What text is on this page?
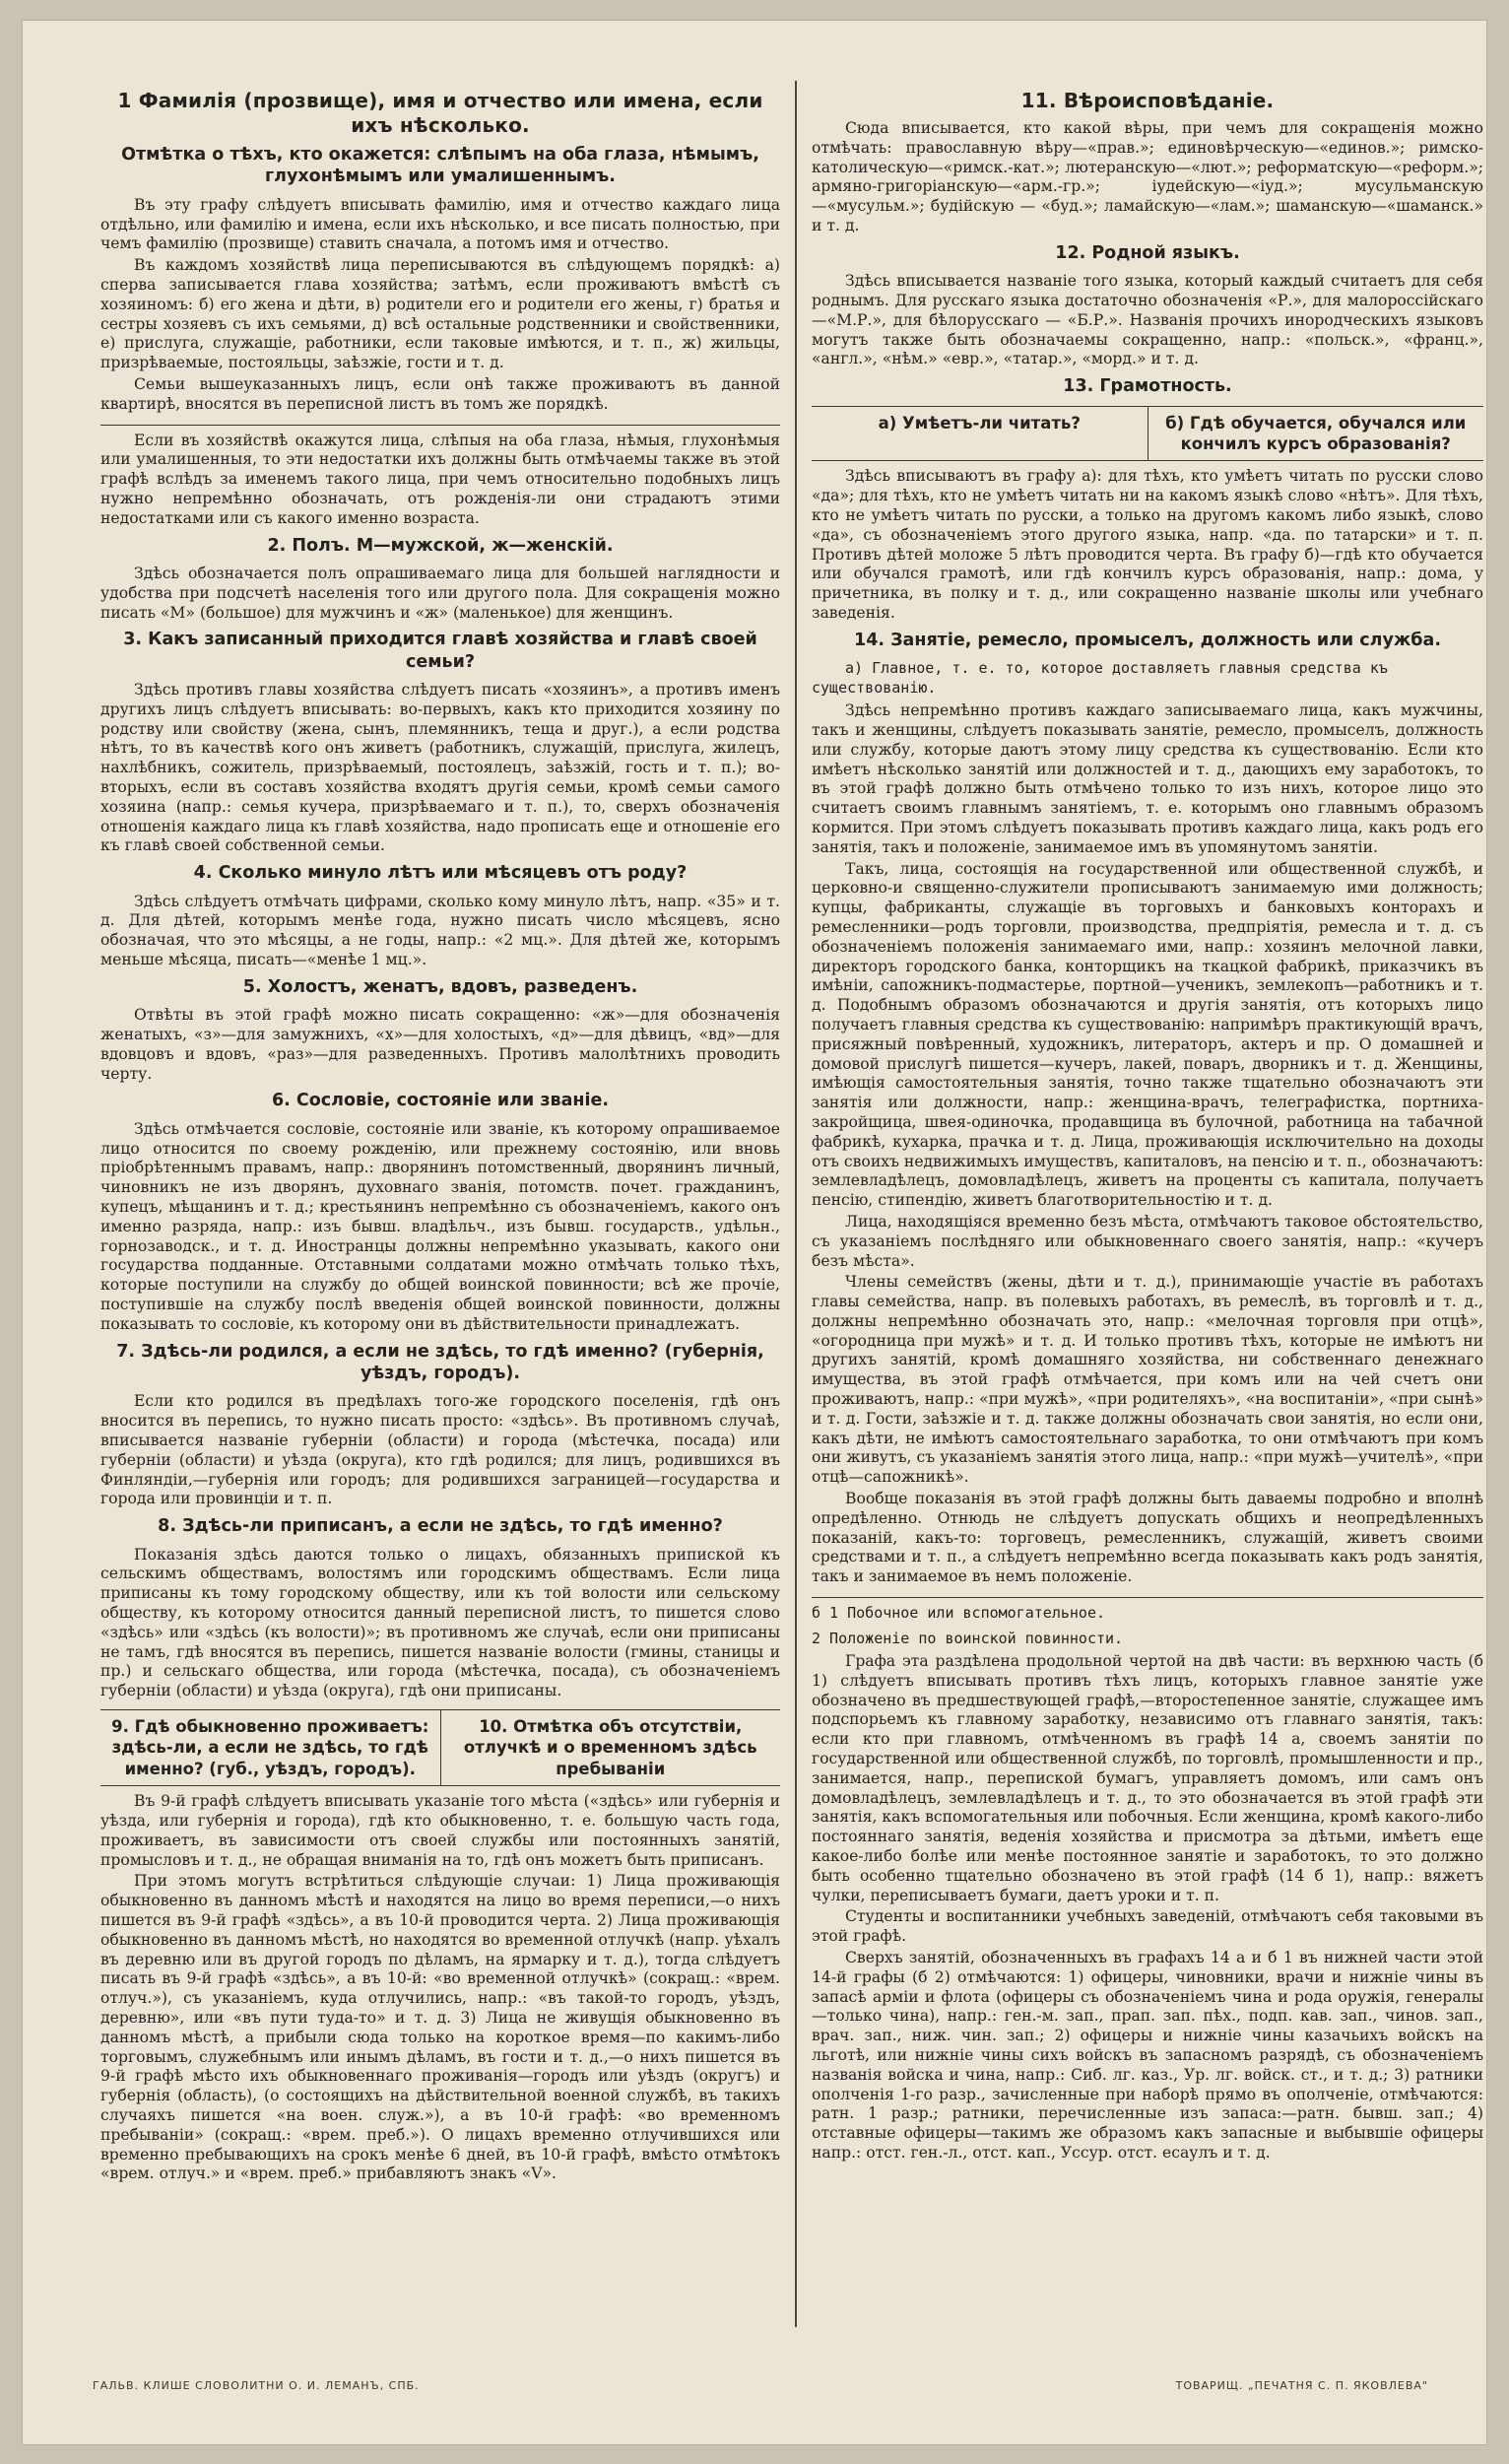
1 Фамилія (прозвище), имя и отчество или имена, если ихъ нѣсколько.
Отмѣтка о тѣхъ, кто окажется: слѣпымъ на оба глаза, нѣмымъ, глухонѣмымъ или умалишеннымъ.

Въ эту графу слѣдуетъ вписывать фамилію, имя и отчество каждаго лица отдѣльно, или фамилію и имена, если ихъ нѣсколько, и все писать полностью, при чемъ фамилію (прозвище) ставить сначала, а потомъ имя и отчество.

Въ каждомъ хозяйствѣ лица переписываются въ слѣдующемъ порядкѣ: а) сперва записывается глава хозяйства; затѣмъ, если проживаютъ вмѣстѣ съ хозяиномъ: б) его жена и дѣти, в) родители его и родители его жены, г) братья и сестры хозяевъ съ ихъ семьями, д) всѣ остальные родственники и свойственники, е) прислуга, служащіе, работники, если таковые имѣются, и т. п., ж) жильцы, призрѣваемые, постояльцы, заѣзжіе, гости и т. д.

Семьи вышеуказанныхъ лицъ, если онѣ также проживаютъ въ данной квартирѣ, вносятся въ переписной листъ въ томъ же порядкѣ.

Если въ хозяйствѣ окажутся лица, слѣпыя на оба глаза, нѣмыя, глухонѣмыя или умалишенныя, то эти недостатки ихъ должны быть отмѣчаемы также въ этой графѣ вслѣдъ за именемъ такого лица, при чемъ относительно подобныхъ лицъ нужно непремѣнно обозначать, отъ рожденія-ли они страдаютъ этими недостатками или съ какого именно возраста.

2. Полъ. М—мужской, ж—женскій.

Здѣсь обозначается полъ опрашиваемаго лица для большей наглядности и удобства при подсчетѣ населенія того или другого пола. Для сокращенія можно писать «М» (большое) для мужчинъ и «ж» (маленькое) для женщинъ.

3. Какъ записанный приходится главѣ хозяйства и главѣ своей семьи?

Здѣсь противъ главы хозяйства слѣдуетъ писать «хозяинъ», а противъ именъ другихъ лицъ слѣдуетъ вписывать: во-первыхъ, какъ кто приходится хозяину по родству или свойству (жена, сынъ, племянникъ, теща и друг.), а если родства нѣтъ, то въ качествѣ кого онъ живетъ (работникъ, служащій, прислуга, жилецъ, нахлѣбникъ, сожитель, призрѣваемый, постоялецъ, заѣзжій, гость и т. п.); во-вторыхъ, если въ составъ хозяйства входятъ другія семьи, кромѣ семьи самого хозяина (напр.: семья кучера, призрѣваемаго и т. п.), то, сверхъ обозначенія отношенія каждаго лица къ главѣ хозяйства, надо прописать еще и отношеніе его къ главѣ своей собственной семьи.

4. Сколько минуло лѣтъ или мѣсяцевъ отъ роду?

Здѣсь слѣдуетъ отмѣчать цифрами, сколько кому минуло лѣтъ, напр. «35» и т. д. Для дѣтей, которымъ менѣе года, нужно писать число мѣсяцевъ, ясно обозначая, что это мѣсяцы, а не годы, напр.: «2 мц.». Для дѣтей же, которымъ меньше мѣсяца, писать—«менѣе 1 мц.».

5. Холостъ, женатъ, вдовъ, разведенъ.

Отвѣты въ этой графѣ можно писать сокращенно: «ж»—для обозначенія женатыхъ, «з»—для замужнихъ, «х»—для холостыхъ, «д»—для дѣвицъ, «вд»—для вдовцовъ и вдовъ, «раз»—для разведенныхъ. Противъ малолѣтнихъ проводить черту.

6. Сословіе, состояніе или званіе.

Здѣсь отмѣчается сословіе, состояніе или званіе, къ которому опрашиваемое лицо относится по своему рожденію, или прежнему состоянію, или вновь пріобрѣтеннымъ правамъ, напр.: дворянинъ потомственный, дворянинъ личный, чиновникъ не изъ дворянъ, духовнаго званія, потомств. почет. гражданинъ, купецъ, мѣщанинъ и т. д.; крестьянинъ непремѣнно съ обозначеніемъ, какого онъ именно разряда, напр.: изъ бывш. владѣльч., изъ бывш. государств., удѣльн., горнозаводск., и т. д. Иностранцы должны непремѣнно указывать, какого они государства подданные. Отставными солдатами можно отмѣчать только тѣхъ, которые поступили на службу до общей воинской повинности; всѣ же прочіе, поступившіе на службу послѣ введенія общей воинской повинности, должны показывать то сословіе, къ которому они въ дѣйствительности принадлежатъ.

7. Здѣсь-ли родился, а если не здѣсь, то гдѣ именно? (губернія, уѣздъ, городъ).

Если кто родился въ предѣлахъ того-же городского поселенія, гдѣ онъ вносится въ перепись, то нужно писать просто: «здѣсь». Въ противномъ случаѣ, вписывается названіе губерніи (области) и города (мѣстечка, посада) или губерніи (области) и уѣзда (округа), кто гдѣ родился; для лицъ, родившихся въ Финляндіи,—губернія или городъ; для родившихся заграницей—государства и города или провинціи и т. п.

8. Здѣсь-ли приписанъ, а если не здѣсь, то гдѣ именно?

Показанія здѣсь даются только о лицахъ, обязанныхъ припиской къ сельскимъ обществамъ, волостямъ или городскимъ обществамъ. Если лица приписаны къ тому городскому обществу, или къ той волости или сельскому обществу, къ которому относится данный переписной листъ, то пишется слово «здѣсь» или «здѣсь (къ волости)»; въ противномъ же случаѣ, если они приписаны не тамъ, гдѣ вносятся въ перепись, пишется названіе волости (гмины, станицы и пр.) и сельскаго общества, или города (мѣстечка, посада), съ обозначеніемъ губерніи (области) и уѣзда (округа), гдѣ они приписаны.

9. Гдѣ обыкновенно проживаетъ: здѣсь-ли, а если не здѣсь, то гдѣ именно? (губ., уѣздъ, городъ).
10. Отмѣтка объ отсутствіи, отлучкѣ и о временномъ здѣсь пребываніи

Въ 9-й графѣ слѣдуетъ вписывать указаніе того мѣста («здѣсь» или губернія и уѣзда, или губернія и города), гдѣ кто обыкновенно, т. е. большую часть года, проживаетъ, въ зависимости отъ своей службы или постоянныхъ занятій, промысловъ и т. д., не обращая вниманія на то, гдѣ онъ можетъ быть приписанъ.

При этомъ могутъ встрѣтиться слѣдующіе случаи: 1) Лица проживающія обыкновенно въ данномъ мѣстѣ и находятся на лицо во время переписи,—о нихъ пишется въ 9-й графѣ «здѣсь», а въ 10-й проводится черта. 2) Лица проживающія обыкновенно въ данномъ мѣстѣ, но находятся во временной отлучкѣ (напр. уѣхалъ въ деревню или въ другой городъ по дѣламъ, на ярмарку и т. д.), тогда слѣдуетъ писать въ 9-й графѣ «здѣсь», а въ 10-й: «во временной отлучкѣ» (сокращ.: «врем. отлуч.»), съ указаніемъ, куда отлучились, напр.: «въ такой-то городъ, уѣздъ, деревню», или «въ пути туда-то» и т. д. 3) Лица не живущія обыкновенно въ данномъ мѣстѣ, а прибыли сюда только на короткое время—по какимъ-либо торговымъ, служебнымъ или инымъ дѣламъ, въ гости и т. д.,—о нихъ пишется въ 9-й графѣ мѣсто ихъ обыкновеннаго проживанія—городъ или уѣздъ (округъ) и губернія (область), (о состоящихъ на дѣйствительной военной службѣ, въ такихъ случаяхъ пишется «на воен. служ.»), а въ 10-й графѣ: «во временномъ пребываніи» (сокращ.: «врем. преб.»). О лицахъ временно отлучившихся или временно пребывающихъ на срокъ менѣе 6 дней, въ 10-й графѣ, вмѣсто отмѣтокъ «врем. отлуч.» и «врем. преб.» прибавляютъ знакъ «V».

11. Вѣроисповѣданіе.

Сюда вписывается, кто какой вѣры, при чемъ для сокращенія можно отмѣчать: православную вѣру—«прав.»; единовѣрческую—«единов.»; римско-католическую—«римск.-кат.»; лютеранскую—«лют.»; реформатскую—«реформ.»; армяно-григоріанскую—«арм.-гр.»; іудейскую—«іуд.»; мусульманскую—«мусульм.»; будійскую — «буд.»; ламайскую—«лам.»; шаманскую—«шаманск.» и т. д.

12. Родной языкъ.

Здѣсь вписывается названіе того языка, который каждый считаетъ для себя роднымъ. Для русскаго языка достаточно обозначенія «Р.», для малороссійскаго—«М.Р.», для бѣлорусскаго — «Б.Р.». Названія прочихъ инородческихъ языковъ могутъ также быть обозначаемы сокращенно, напр.: «польск.», «франц.», «англ.», «нѣм.» «евр.», «татар.», «морд.» и т. д.

13. Грамотность.
а) Умѣетъ-ли читать?	б) Гдѣ обучается, обучался или кончилъ курсъ образованія?

Здѣсь вписываютъ въ графу а): для тѣхъ, кто умѣетъ читать по русски слово «да»; для тѣхъ, кто не умѣетъ читать ни на какомъ языкѣ слово «нѣтъ». Для тѣхъ, кто не умѣетъ читать по русски, а только на другомъ какомъ либо языкѣ, слово «да», съ обозначеніемъ этого другого языка, напр. «да. по татарски» и т. п. Противъ дѣтей моложе 5 лѣтъ проводится черта. Въ графу б)—гдѣ кто обучается или обучался грамотѣ, или гдѣ кончилъ курсъ образованія, напр.: дома, у причетника, въ полку и т. д., или сокращенно названіе школы или учебнаго заведенія.

14. Занятіе, ремесло, промыселъ, должность или служба.
а) Главное, т. е. то, которое доставляетъ главныя средства къ существованію.

Здѣсь непремѣнно противъ каждаго записываемаго лица, какъ мужчины, такъ и женщины, слѣдуетъ показывать занятіе, ремесло, промыселъ, должность или службу, которые даютъ этому лицу средства къ существованію. Если кто имѣетъ нѣсколько занятій или должностей и т. д., дающихъ ему заработокъ, то въ этой графѣ должно быть отмѣчено только то изъ нихъ, которое лицо это считаетъ своимъ главнымъ занятіемъ, т. е. которымъ оно главнымъ образомъ кормится. При этомъ слѣдуетъ показывать противъ каждаго лица, какъ родъ его занятія, такъ и положеніе, занимаемое имъ въ упомянутомъ занятіи.

Такъ, лица, состоящія на государственной или общественной службѣ, и церковно-и священно-служители прописываютъ занимаемую ими должность; купцы, фабриканты, служащіе въ торговыхъ и банковыхъ конторахъ и ремесленники—родъ торговли, производства, предпріятія, ремесла и т. д. съ обозначеніемъ положенія занимаемаго ими, напр.: хозяинъ мелочной лавки, директоръ городского банка, конторщикъ на ткацкой фабрикѣ, приказчикъ въ имѣніи, сапожникъ-подмастерье, портной—ученикъ, землекопъ—работникъ и т. д. Подобнымъ образомъ обозначаются и другія занятія, отъ которыхъ лицо получаетъ главныя средства къ существованію: напримѣръ практикующій врачъ, присяжный повѣренный, художникъ, литераторъ, актеръ и пр. О домашней и домовой прислугѣ пишется—кучеръ, лакей, поваръ, дворникъ и т. д. Женщины, имѣющія самостоятельныя занятія, точно также тщательно обозначаютъ эти занятія или должности, напр.: женщина-врачъ, телеграфистка, портниха-закройщица, швея-одиночка, продавщица въ булочной, работница на табачной фабрикѣ, кухарка, прачка и т. д. Лица, проживающія исключительно на доходы отъ своихъ недвижимыхъ имуществъ, капиталовъ, на пенсію и т. п., обозначаютъ: землевладѣлецъ, домовладѣлецъ, живетъ на проценты съ капитала, получаетъ пенсію, стипендію, живетъ благотворительностію и т. д.

Лица, находящіяся временно безъ мѣста, отмѣчаютъ таковое обстоятельство, съ указаніемъ послѣдняго или обыкновеннаго своего занятія, напр.: «кучеръ безъ мѣста».

Члены семействъ (жены, дѣти и т. д.), принимающіе участіе въ работахъ главы семейства, напр. въ полевыхъ работахъ, въ ремеслѣ, въ торговлѣ и т. д., должны непремѣнно обозначать это, напр.: «мелочная торговля при отцѣ», «огородница при мужѣ» и т. д. И только противъ тѣхъ, которые не имѣютъ ни другихъ занятій, кромѣ домашняго хозяйства, ни собственнаго денежнаго имущества, въ этой графѣ отмѣчается, при комъ или на чей счетъ они проживаютъ, напр.: «при мужѣ», «при родителяхъ», «на воспитаніи», «при сынѣ» и т. д. Гости, заѣзжіе и т. д. также должны обозначать свои занятія, но если они, какъ дѣти, не имѣютъ самостоятельнаго заработка, то они отмѣчаютъ при комъ они живутъ, съ указаніемъ занятія этого лица, напр.: «при мужѣ—учителѣ», «при отцѣ—сапожникѣ».

Вообще показанія въ этой графѣ должны быть даваемы подробно и вполнѣ опредѣленно. Отнюдь не слѣдуетъ допускать общихъ и неопредѣленныхъ показаній, какъ-то: торговецъ, ремесленникъ, служащій, живетъ своими средствами и т. п., а слѣдуетъ непремѣнно всегда показывать какъ родъ занятія, такъ и занимаемое въ немъ положеніе.

б 1 Побочное или вспомогательное.
2 Положеніе по воинской повинности.

Графа эта раздѣлена продольной чертой на двѣ части: въ верхнюю часть (б 1) слѣдуетъ вписывать противъ тѣхъ лицъ, которыхъ главное занятіе уже обозначено въ предшествующей графѣ,—второстепенное занятіе, служащее имъ подспорьемъ къ главному заработку, независимо отъ главнаго занятія, такъ: если кто при главномъ, отмѣченномъ въ графѣ 14 а, своемъ занятіи по государственной или общественной службѣ, по торговлѣ, промышленности и пр., занимается, напр., перепиской бумагъ, управляетъ домомъ, или самъ онъ домовладѣлецъ, землевладѣлецъ и т. д., то это обозначается въ этой графѣ эти занятія, какъ вспомогательныя или побочныя. Если женщина, кромѣ какого-либо постояннаго занятія, веденія хозяйства и присмотра за дѣтьми, имѣетъ еще какое-либо болѣе или менѣе постоянное занятіе и заработокъ, то это должно быть особенно тщательно обозначено въ этой графѣ (14 б 1), напр.: вяжетъ чулки, переписываетъ бумаги, даетъ уроки и т. п.

Студенты и воспитанники учебныхъ заведеній, отмѣчаютъ себя таковыми въ этой графѣ.

Сверхъ занятій, обозначенныхъ въ графахъ 14 а и б 1 въ нижней части этой 14-й графы (б 2) отмѣчаются: 1) офицеры, чиновники, врачи и нижніе чины въ запасѣ арміи и флота (офицеры съ обозначеніемъ чина и рода оружія, генералы—только чина), напр.: ген.-м. зап., прап. зап. пѣх., подп. кав. зап., чинов. зап., врач. зап., ниж. чин. зап.; 2) офицеры и нижніе чины казачьихъ войскъ на льготѣ, или нижніе чины сихъ войскъ въ запасномъ разрядѣ, съ обозначеніемъ названія войска и чина, напр.: Сиб. лг. каз., Ур. лг. войск. ст., и т. д.; 3) ратники ополченія 1-го разр., зачисленные при наборѣ прямо въ ополченіе, отмѣчаются: ратн. 1 разр.; ратники, перечисленные изъ запаса:—ратн. бывш. зап.; 4) отставные офицеры—такимъ же образомъ какъ запасные и выбывшіе офицеры напр.: отст. ген.-л., отст. кап., Уссур. отст. есаулъ и т. д.

ГАЛЬВ. КЛИШЕ СЛОВОЛИТНИ О. И. ЛЕМАНЪ, СПБ.	ТОВАРИЩ. „ПЕЧАТНЯ С. П. ЯКОВЛЕВА"
